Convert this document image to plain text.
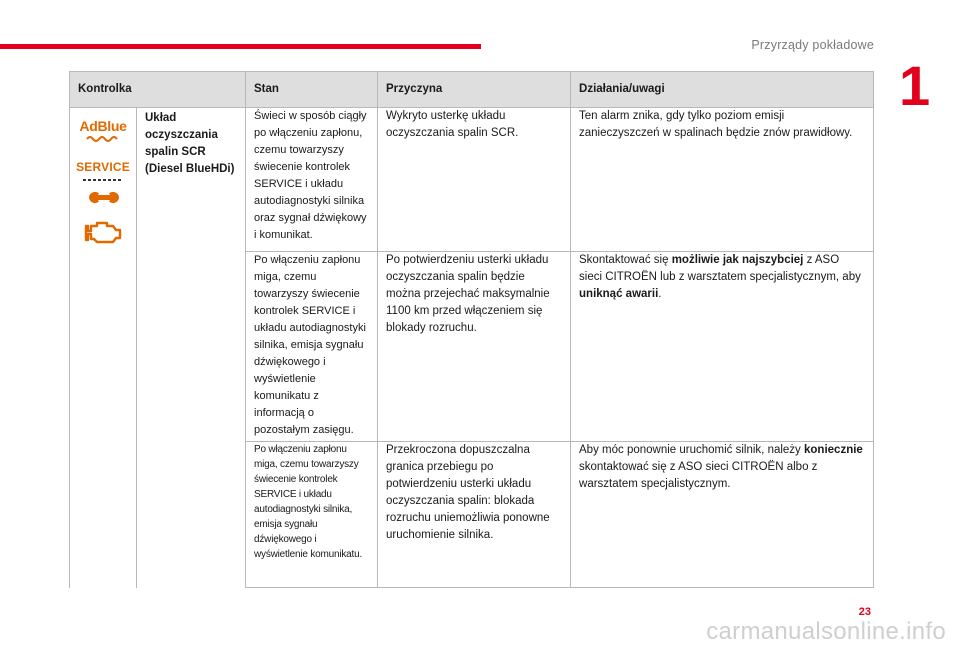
Przyrządy pokładowe
1
Kontrolka		Stan	Przyczyna	Działania/uwagi

AdBlue
SERVICE	Układ oczyszczania spalin SCR (Diesel BlueHDi)	Świeci w sposób ciągły po włączeniu zapłonu, czemu towarzyszy świecenie kontrolek SERVICE i układu autodiagnostyki silnika oraz sygnał dźwiękowy i komunikat.	Wykryto usterkę układu oczyszczania spalin SCR.	Ten alarm znika, gdy tylko poziom emisji zanieczyszczeń w spalinach będzie znów prawidłowy.

		Po włączeniu zapłonu miga, czemu towarzyszy świecenie kontrolek SERVICE i układu autodiagnostyki silnika, emisja sygnału dźwiękowego i wyświetlenie komunikatu z informacją o pozostałym zasięgu.	Po potwierdzeniu usterki układu oczyszczania spalin będzie można przejechać maksymalnie 1100 km przed włączeniem się blokady rozruchu.	Skontaktować się możliwie jak najszybciej z ASO sieci CITROËN lub z warsztatem specjalistycznym, aby uniknąć awarii.

		Po włączeniu zapłonu miga, czemu towarzyszy świecenie kontrolek SERVICE i układu autodiagnostyki silnika, emisja sygnału dźwiękowego i wyświetlenie komunikatu.	Przekroczona dopuszczalna granica przebiegu po potwierdzeniu usterki układu oczyszczania spalin: blokada rozruchu uniemożliwia ponowne uruchomienie silnika.	Aby móc ponownie uruchomić silnik, należy koniecznie skontaktować się z ASO sieci CITROËN albo z warsztatem specjalistycznym.
23
carmanualsonline.info
